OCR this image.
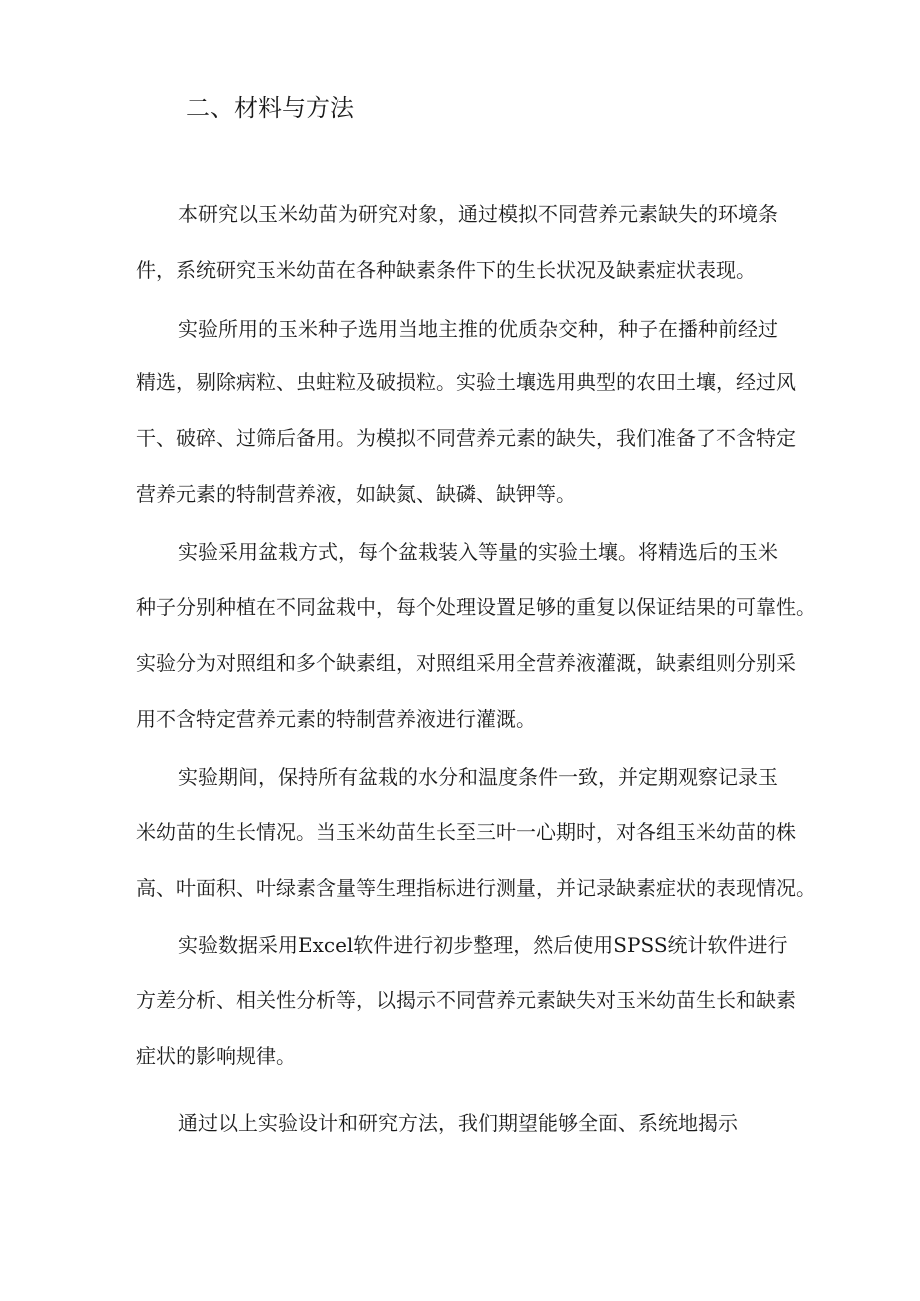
二、材料与方法
本研究以玉米幼苗为研究对象，通过模拟不同营养元素缺失的环境条
件，系统研究玉米幼苗在各种缺素条件下的生长状况及缺素症状表现。
实验所用的玉米种子选用当地主推的优质杂交种，种子在播种前经过
精选，剔除病粒、虫蛀粒及破损粒。实验土壤选用典型的农田土壤，经过风
干、破碎、过筛后备用。为模拟不同营养元素的缺失，我们准备了不含特定
营养元素的特制营养液，如缺氮、缺磷、缺钾等。
实验采用盆栽方式，每个盆栽装入等量的实验土壤。将精选后的玉米
种子分别种植在不同盆栽中，每个处理设置足够的重复以保证结果的可靠性。
实验分为对照组和多个缺素组，对照组采用全营养液灌溉，缺素组则分别采
用不含特定营养元素的特制营养液进行灌溉。
实验期间，保持所有盆栽的水分和温度条件一致，并定期观察记录玉
米幼苗的生长情况。当玉米幼苗生长至三叶一心期时，对各组玉米幼苗的株
高、叶面积、叶绿素含量等生理指标进行测量，并记录缺素症状的表现情况。
实验数据采用Excel软件进行初步整理，然后使用SPSS统计软件进行
方差分析、相关性分析等，以揭示不同营养元素缺失对玉米幼苗生长和缺素
症状的影响规律。
通过以上实验设计和研究方法，我们期望能够全面、系统地揭示
